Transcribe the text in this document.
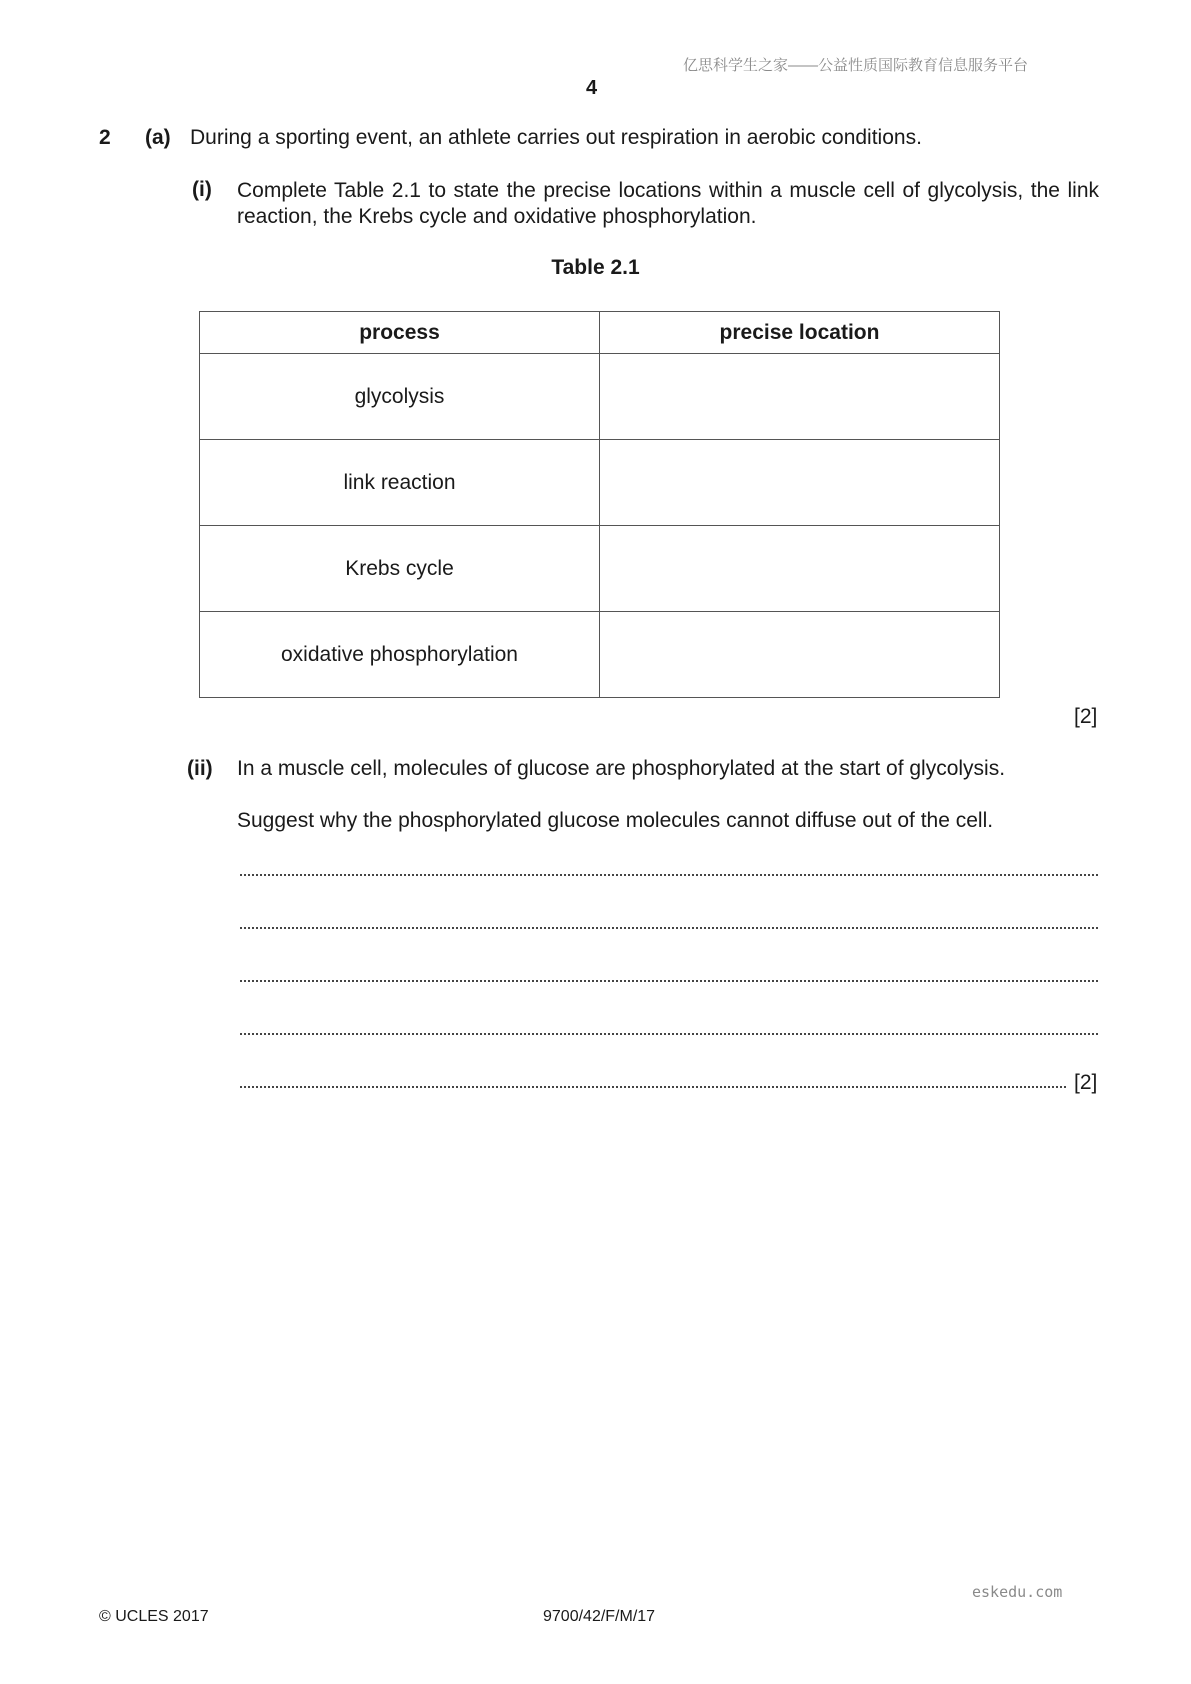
亿思科学生之家——公益性质国际教育信息服务平台
4
2 (a) During a sporting event, an athlete carries out respiration in aerobic conditions.
(i) Complete Table 2.1 to state the precise locations within a muscle cell of glycolysis, the link reaction, the Krebs cycle and oxidative phosphorylation.
Table 2.1
process	precise location
glycolysis	
link reaction	
Krebs cycle	
oxidative phosphorylation	
[2]
(ii) In a muscle cell, molecules of glucose are phosphorylated at the start of glycolysis.
Suggest why the phosphorylated glucose molecules cannot diffuse out of the cell.
[2]
eskedu.com
© UCLES 2017	9700/42/F/M/17
